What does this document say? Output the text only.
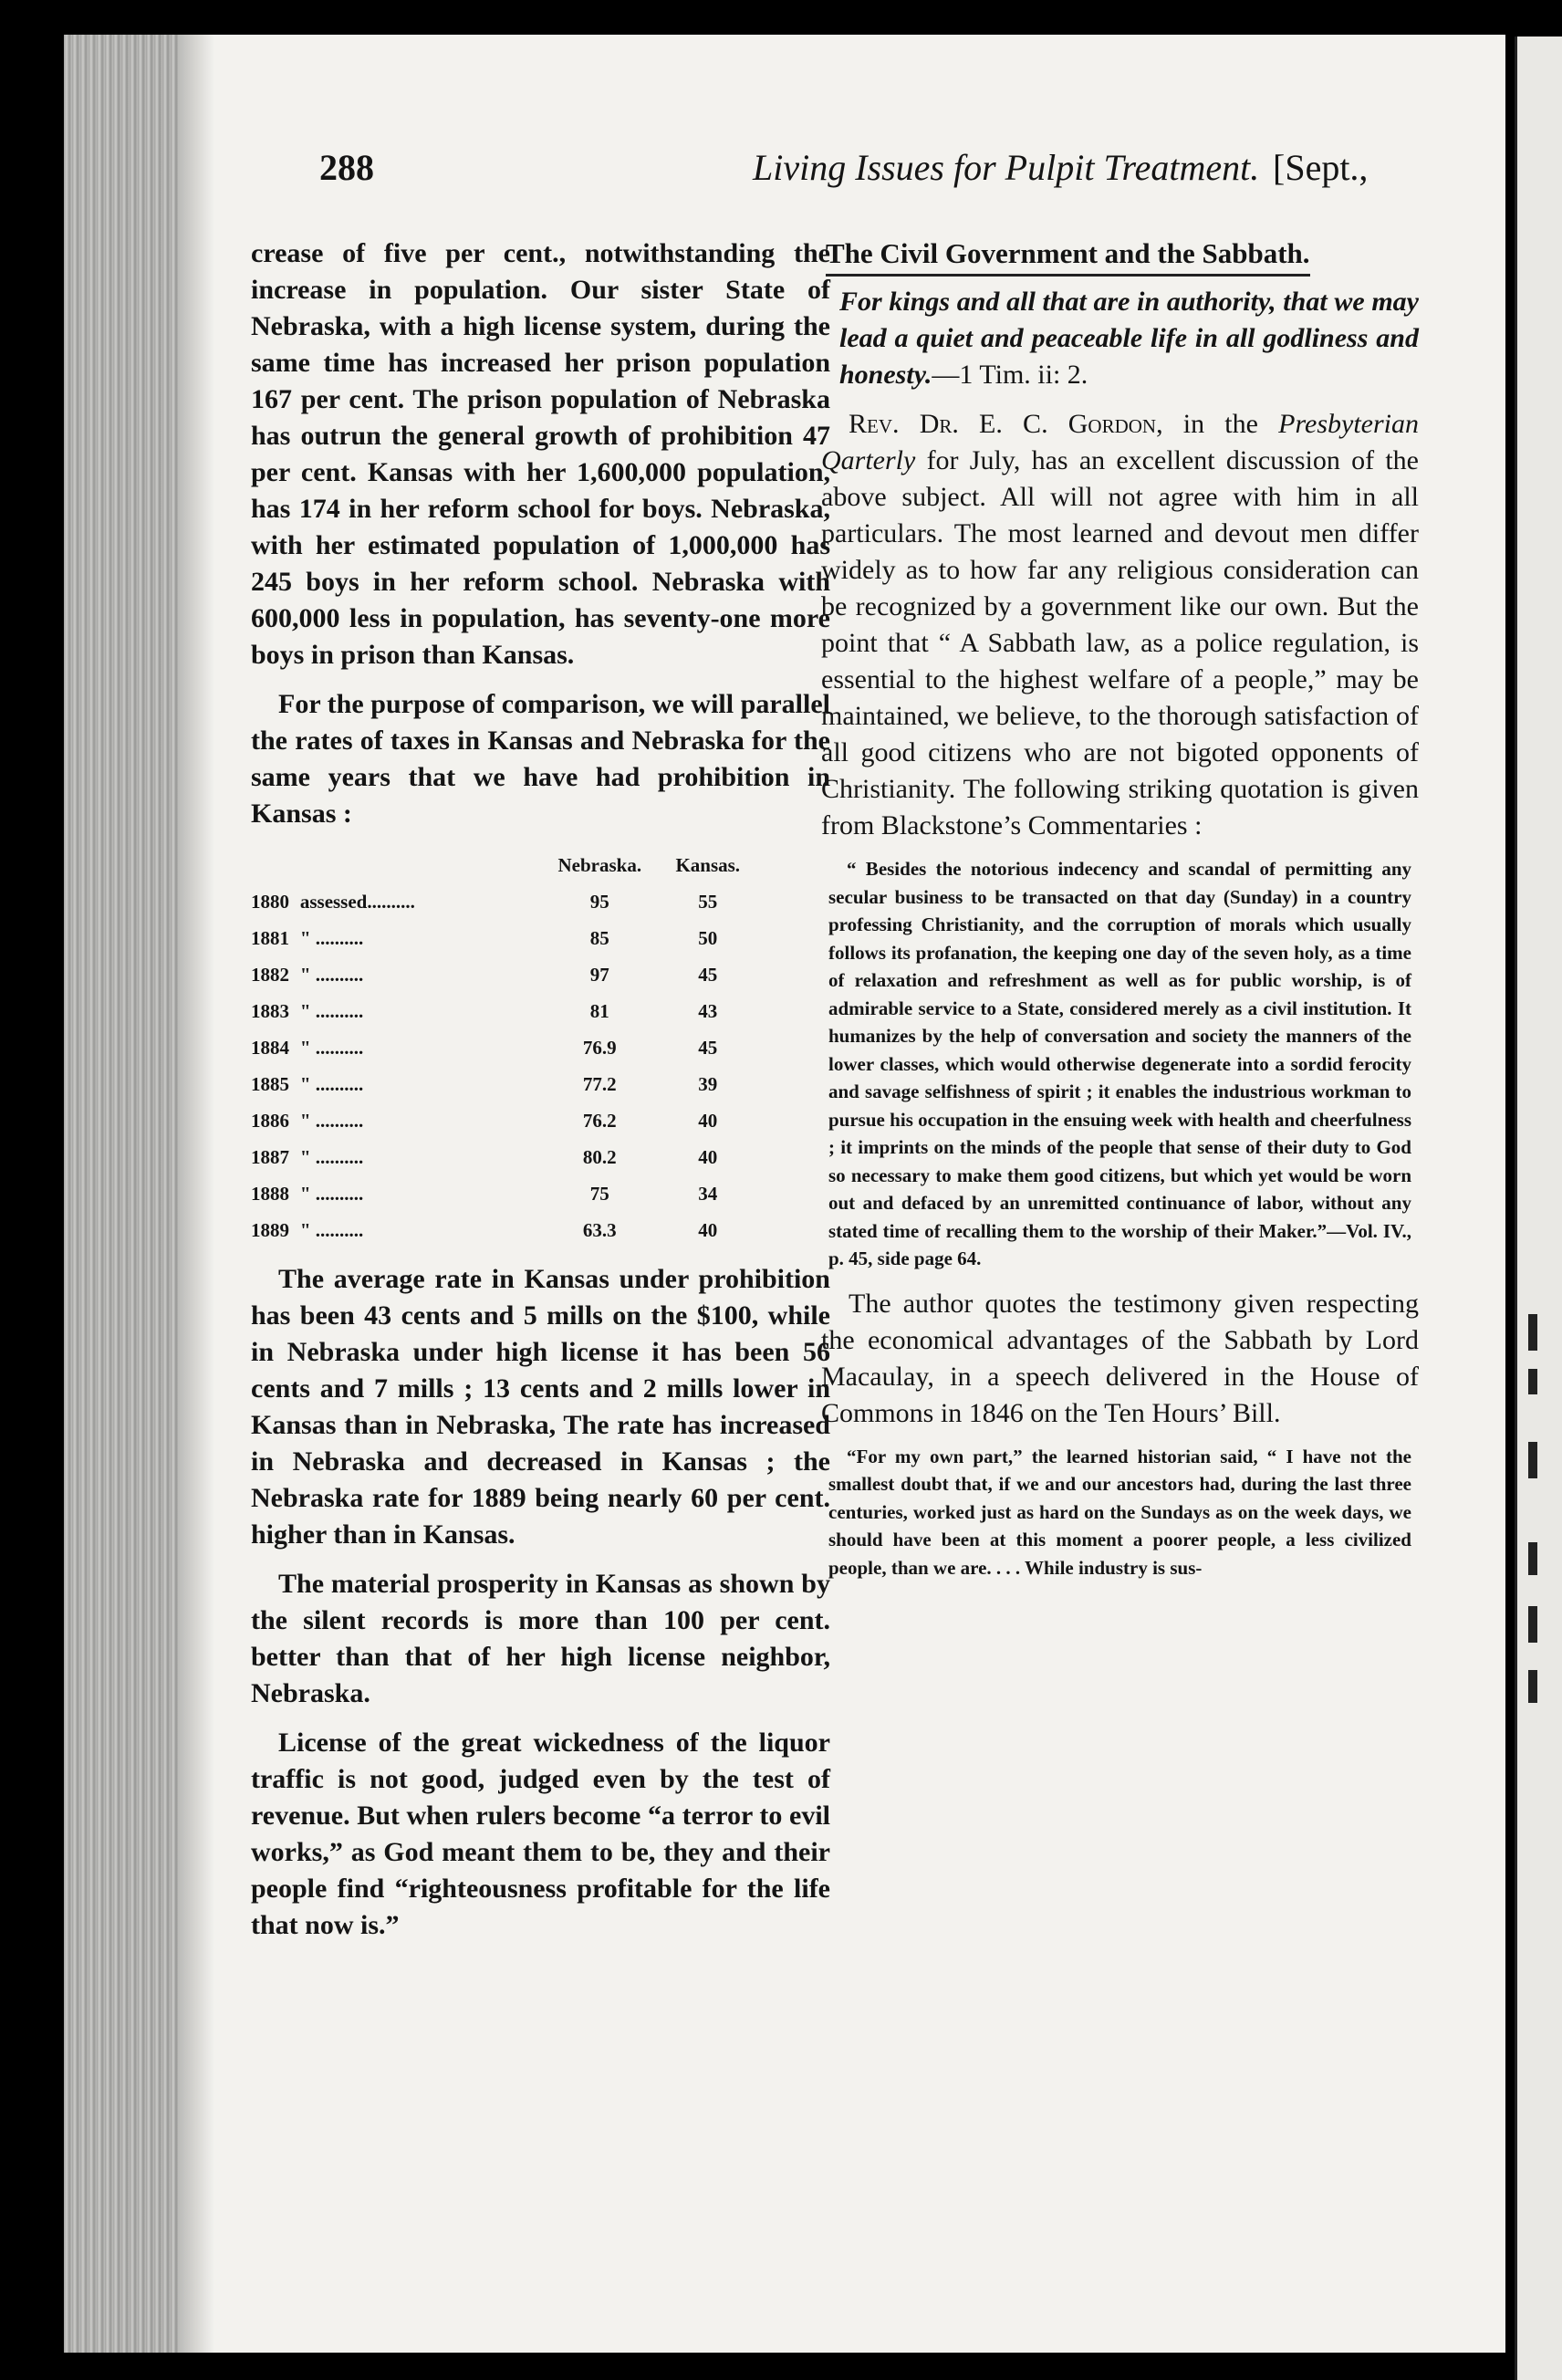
288	Living Issues for Pulpit Treatment. [Sept.,

crease of five per cent., notwithstanding the increase in population. Our sister State of Nebraska, with a high license system, during the same time has increased her prison population 167 per cent. The prison population of Nebraska has outrun the general growth of prohibition 47 per cent. Kansas with her 1,600,000 population, has 174 in her reform school for boys. Nebraska, with her estimated population of 1,000,000 has 245 boys in her reform school. Nebraska with 600,000 less in population, has seventy-one more boys in prison than Kansas.

For the purpose of comparison, we will parallel the rates of taxes in Kansas and Nebraska for the same years that we have had prohibition in Kansas :

		Nebraska.	Kansas.
1880	assessed..........	95	55
1881	" ..........	85	50
1882	" ..........	97	45
1883	" ..........	81	43
1884	" ..........	76.9	45
1885	" ..........	77.2	39
1886	" ..........	76.2	40
1887	" ..........	80.2	40
1888	" ..........	75	34
1889	" ..........	63.3	40

The average rate in Kansas under prohibition has been 43 cents and 5 mills on the $100, while in Nebraska under high license it has been 56 cents and 7 mills ; 13 cents and 2 mills lower in Kansas than in Nebraska, The rate has increased in Nebraska and decreased in Kansas ; the Nebraska rate for 1889 being nearly 60 per cent. higher than in Kansas.

The material prosperity in Kansas as shown by the silent records is more than 100 per cent. better than that of her high license neighbor, Nebraska.

License of the great wickedness of the liquor traffic is not good, judged even by the test of revenue. But when rulers become “a terror to evil works,” as God meant them to be, they and their people find “righteousness profitable for the life that now is.”

The Civil Government and the Sabbath.
For kings and all that are in authority, that we may lead a quiet and peaceable life in all godliness and honesty.—1 Tim. ii: 2.

Rev. Dr. E. C. Gordon, in the Presbyterian Qarterly for July, has an excellent discussion of the above subject. All will not agree with him in all particulars. The most learned and devout men differ widely as to how far any religious consideration can be recognized by a government like our own. But the point that “ A Sabbath law, as a police regulation, is essential to the highest welfare of a people,” may be maintained, we believe, to the thorough satisfaction of all good citizens who are not bigoted opponents of Christianity. The following striking quotation is given from Blackstone’s Commentaries :

“ Besides the notorious indecency and scandal of permitting any secular business to be transacted on that day (Sunday) in a country professing Christianity, and the corruption of morals which usually follows its profanation, the keeping one day of the seven holy, as a time of relaxation and refreshment as well as for public worship, is of admirable service to a State, considered merely as a civil institution. It humanizes by the help of conversation and society the manners of the lower classes, which would otherwise degenerate into a sordid ferocity and savage selfishness of spirit ; it enables the industrious workman to pursue his occupation in the ensuing week with health and cheerfulness ; it imprints on the minds of the people that sense of their duty to God so necessary to make them good citizens, but which yet would be worn out and defaced by an unremitted continuance of labor, without any stated time of recalling them to the worship of their Maker.”—Vol. IV., p. 45, side page 64.

The author quotes the testimony given respecting the economical advantages of the Sabbath by Lord Macaulay, in a speech delivered in the House of Commons in 1846 on the Ten Hours’ Bill.

“For my own part,” the learned historian said, “ I have not the smallest doubt that, if we and our ancestors had, during the last three centuries, worked just as hard on the Sundays as on the week days, we should have been at this moment a poorer people, a less civilized people, than we are. . . . While industry is sus-
